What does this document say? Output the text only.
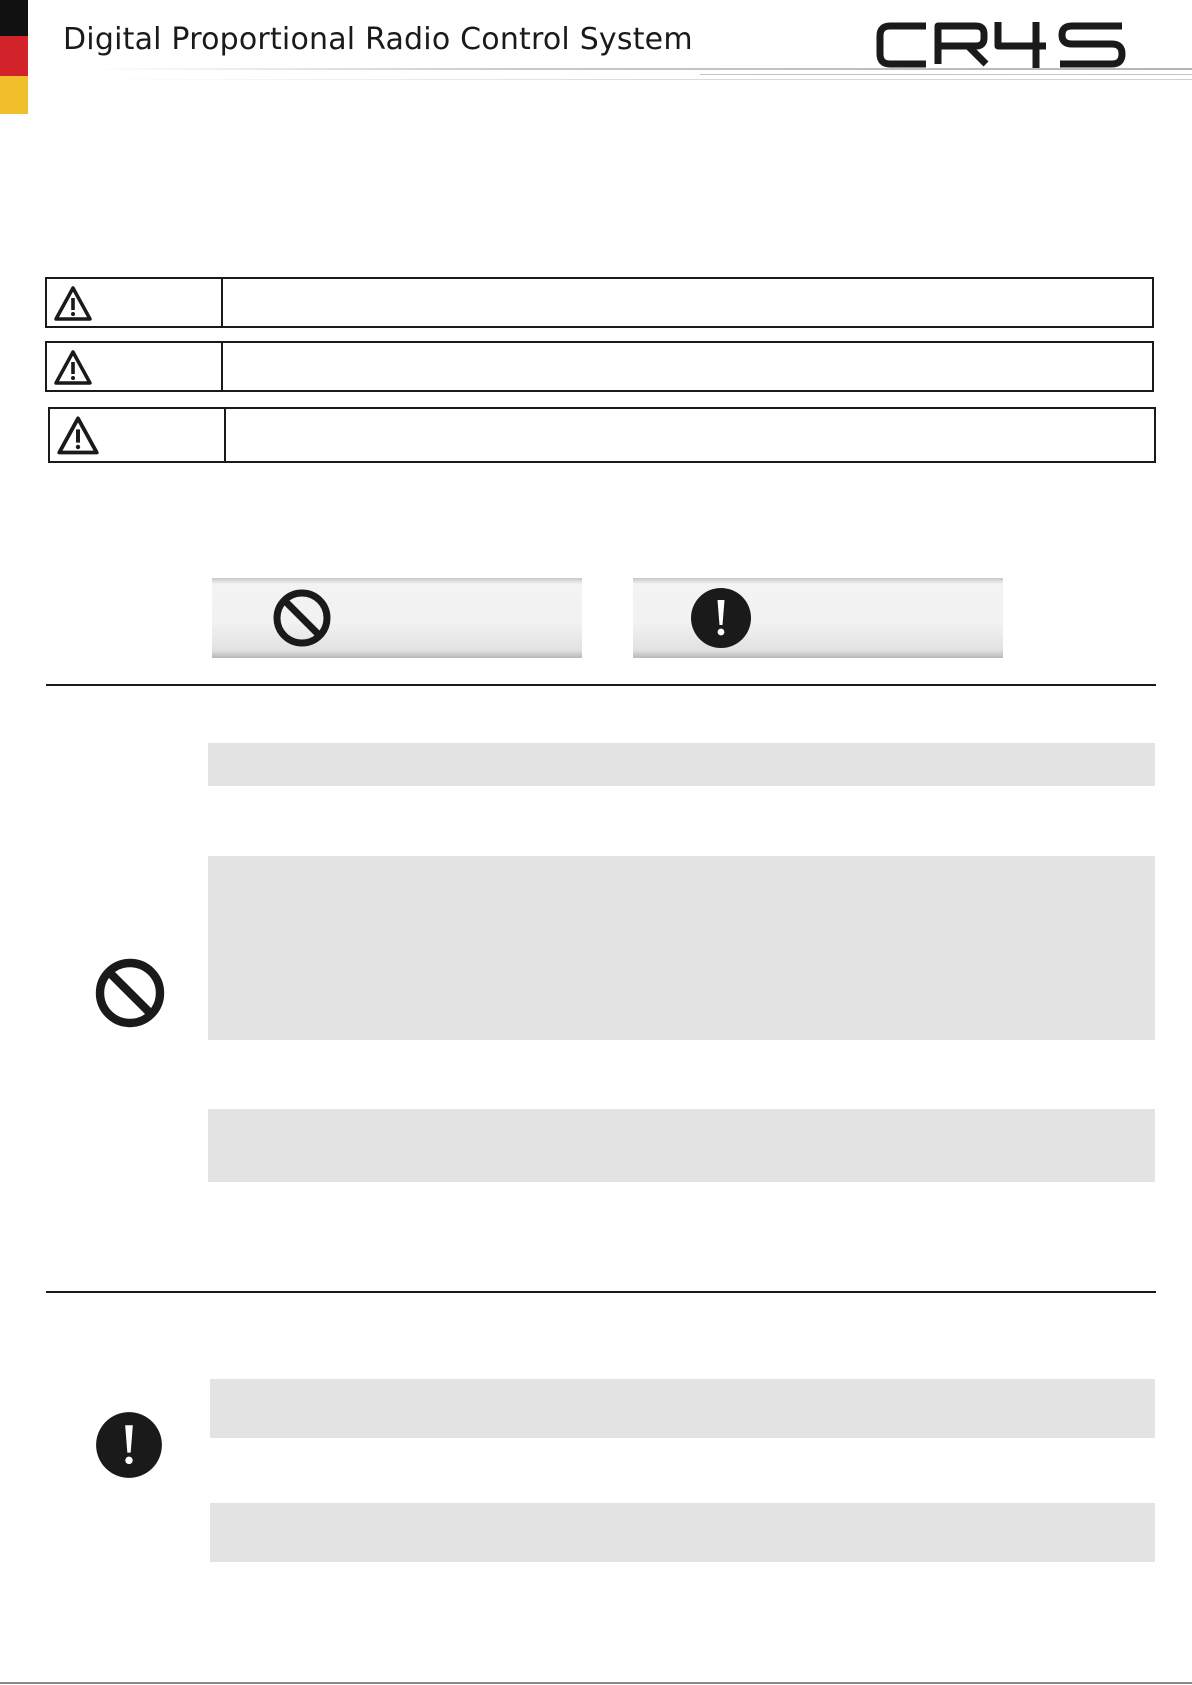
Digital Proportional Radio Control System
